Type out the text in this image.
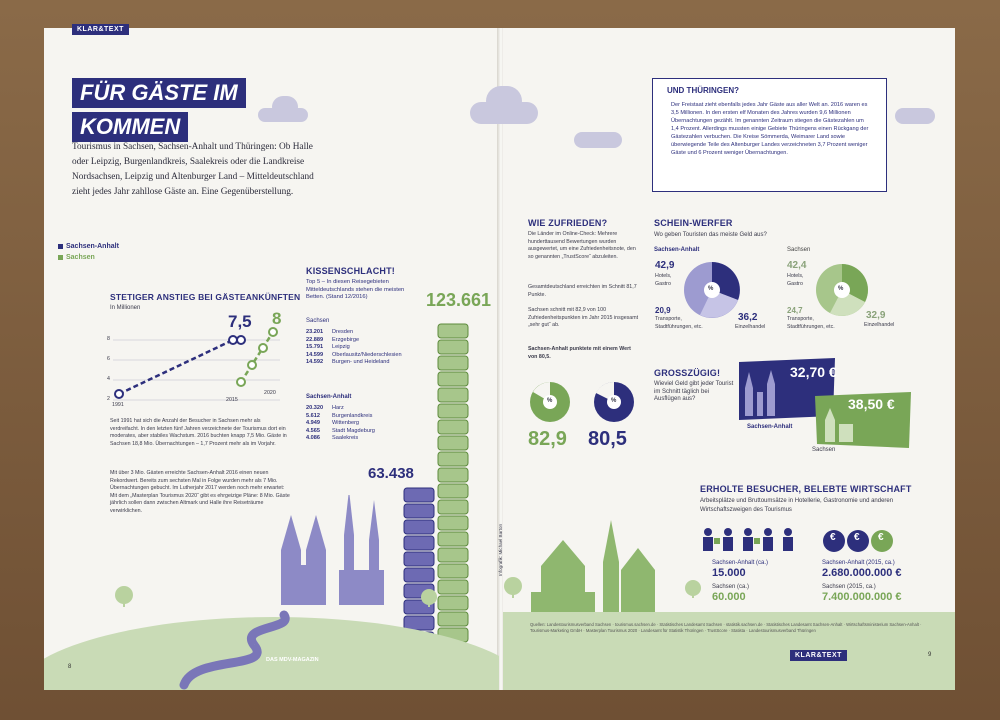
KLAR&TEXT
FÜR GÄSTE IM
KOMMEN
Tourismus in Sachsen, Sachsen-Anhalt und Thüringen: Ob Halle oder Leipzig, Burgenlandkreis, Saalekreis oder die Landkreise Nordsachsen, Leipzig und Altenburger Land – Mitteldeutschland zieht jedes Jahr zahllose Gäste an. Eine Gegenüberstellung.
Sachsen-Anhalt
Sachsen
STETIGER ANSTIEG BEI GÄSTEANKÜNFTEN
In Millionen
8
6
4
2
7,5 8
1991
2015
2020
Seit 1991 hat sich die Anzahl der Besucher in Sachsen mehr als verdreifacht. In den letzten fünf Jahren verzeichnete der Tourismus dort ein moderates, aber stabiles Wachstum. 2016 buchten knapp 7,5 Mio. Gäste in Sachsen 18,8 Mio. Übernachtungen – 1,7 Prozent mehr als im Vorjahr.
Mit über 3 Mio. Gästen erreichte Sachsen-Anhalt 2016 einen neuen Rekordwert. Bereits zum sechsten Mal in Folge wurden mehr als 7 Mio. Übernachtungen gebucht. Im Lutherjahr 2017 werden noch mehr erwartet: Mit dem „Masterplan Tourismus 2020“ gibt es ehrgeizige Pläne: 8 Mio. Gäste jährlich sollen dann zwischen Altmark und Halle ihre Reiseträume verwirklichen.
KISSENSCHLACHT!
Top 5 – In diesen Reisegebieten Mitteldeutschlands stehen die meisten Betten. (Stand 12/2016)
Sachsen
23.201	Dresden
22.889	Erzgebirge
15.791	Leipzig
14.599	Oberlausitz/Niederschlesien
14.592	Burgen- und Heideland
Sachsen-Anhalt
20.320	Harz
5.612	Burgenlandkreis
4.949	Wittenberg
4.565	Stadt Magdeburg
4.086	Saalekreis
123.661
63.438
DAS MDV-MAGAZIN
8
UND THÜRINGEN?
Der Freistaat zieht ebenfalls jedes Jahr Gäste aus aller Welt an. 2016 waren es 3,5 Millionen. In den ersten elf Monaten des Jahres wurden 9,6 Millionen Übernachtungen gezählt. Im genannten Zeitraum stiegen die Gästezahlen um 1,4 Prozent. Allerdings mussten einige Gebiete Thüringens einen Rückgang der Gästezahlen verbuchen. Die Kreise Sömmerda, Weimarer Land sowie überwiegende Teile des Altenburger Landes verzeichneten 3,7 Prozent weniger Gäste und 6 Prozent weniger Übernachtungen.
WIE ZUFRIEDEN?
Die Länder im Online-Check: Mehrere hunderttausend Bewertungen wurden ausgewertet, um eine Zufriedenheitsnote, den so genannten „TrustScore“ abzuleiten.
Gesamtdeutschland erreichten im Schnitt 81,7 Punkte.
Sachsen schnitt mit 82,9 von 100 Zufriedenheitspunkten im Jahr 2015 insgesamt „sehr gut“ ab.
Sachsen-Anhalt punktete mit einem Wert von 80,5.
%	%
82,9 80,5
SCHEIN-WERFER
Wo geben Touristen das meiste Geld aus?
Sachsen-Anhalt	Sachsen
%	%
42,9
Hotels, Gastro
20,9
Transporte, Stadtführungen, etc.
36,2
Einzelhandel
42,4
Hotels, Gastro
24,7
Transporte, Stadtführungen, etc.
32,9
Einzelhandel
GROSSZÜGIG!
Wieviel Geld gibt jeder Tourist im Schnitt täglich bei Ausflügen aus?
32,70 €
38,50 €
Sachsen-Anhalt
Sachsen
ERHOLTE BESUCHER, BELEBTE WIRTSCHAFT
Arbeitsplätze und Bruttoumsätze in Hotellerie, Gastronomie und anderen Wirtschaftszweigen des Tourismus
€ € €
Sachsen-Anhalt (ca.)
15.000
Sachsen (ca.)
60.000
Sachsen-Anhalt (2015, ca.)
2.680.000.000 €
Sachsen (2015, ca.)
7.400.000.000 €
Infografik: Michael Barton
Quellen: Landestourismusverband Sachsen · tourismus.sachsen.de · Statistisches Landesamt Sachsen · statistik.sachsen.de · Statistisches Landesamt Sachsen-Anhalt · Wirtschaftsministerium Sachsen-Anhalt · Tourismus-Marketing GmbH · Masterplan Tourismus 2020 · Landesamt für Statistik Thüringen · TrustScore · Statista · Landestourismusverband Thüringen
KLAR&TEXT	9
